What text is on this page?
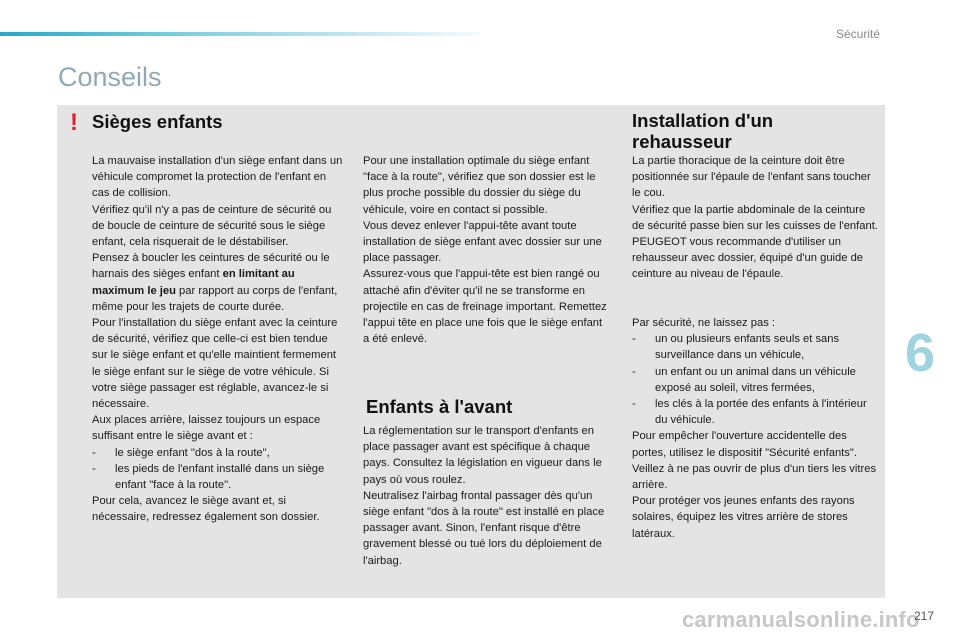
Sécurité
Conseils
! Sièges enfants

La mauvaise installation d'un siège enfant dans un véhicule compromet la protection de l'enfant en cas de collision.

Vérifiez qu'il n'y a pas de ceinture de sécurité ou de boucle de ceinture de sécurité sous le siège enfant, cela risquerait de le déstabiliser.

Pensez à boucler les ceintures de sécurité ou le harnais des sièges enfant en limitant au maximum le jeu par rapport au corps de l'enfant, même pour les trajets de courte durée.

Pour l'installation du siège enfant avec la ceinture de sécurité, vérifiez que celle-ci est bien tendue sur le siège enfant et qu'elle maintient fermement le siège enfant sur le siège de votre véhicule. Si votre siège passager est réglable, avancez-le si nécessaire.

Aux places arrière, laissez toujours un espace suffisant entre le siège avant et :

-	le siège enfant "dos à la route",
-	les pieds de l'enfant installé dans un siège enfant "face à la route".

Pour cela, avancez le siège avant et, si nécessaire, redressez également son dossier.

Pour une installation optimale du siège enfant "face à la route", vérifiez que son dossier est le plus proche possible du dossier du siège du véhicule, voire en contact si possible.

Vous devez enlever l'appui-tête avant toute installation de siège enfant avec dossier sur une place passager.

Assurez-vous que l'appui-tête est bien rangé ou attaché afin d'éviter qu'il ne se transforme en projectile en cas de freinage important. Remettez l'appui tête en place une fois que le siège enfant a été enlevé.

Enfants à l'avant

La réglementation sur le transport d'enfants en place passager avant est spécifique à chaque pays. Consultez la législation en vigueur dans le pays où vous roulez.

Neutralisez l'airbag frontal passager dès qu'un siège enfant "dos à la route" est installé en place passager avant. Sinon, l'enfant risque d'être gravement blessé ou tué lors du déploiement de l'airbag.

Installation d'un
rehausseur

La partie thoracique de la ceinture doit être positionnée sur l'épaule de l'enfant sans toucher le cou.

Vérifiez que la partie abdominale de la ceinture de sécurité passe bien sur les cuisses de l'enfant.

PEUGEOT vous recommande d'utiliser un rehausseur avec dossier, équipé d'un guide de ceinture au niveau de l'épaule.

Par sécurité, ne laissez pas :

-	un ou plusieurs enfants seuls et sans surveillance dans un véhicule,
-	un enfant ou un animal dans un véhicule exposé au soleil, vitres fermées,
-	les clés à la portée des enfants à l'intérieur du véhicule.

Pour empêcher l'ouverture accidentelle des portes, utilisez le dispositif "Sécurité enfants".

Veillez à ne pas ouvrir de plus d'un tiers les vitres arrière.

Pour protéger vos jeunes enfants des rayons solaires, équipez les vitres arrière de stores latéraux.

6
carmanualsonline.info
217
